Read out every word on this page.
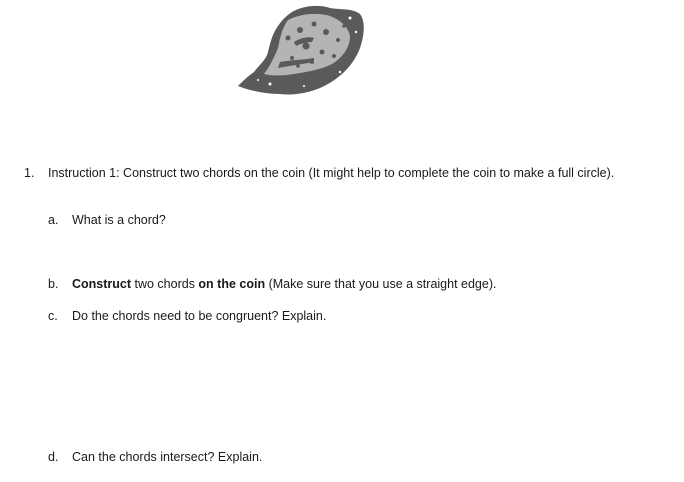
1. Instruction 1: Construct two chords on the coin (It might help to complete the coin to make a full circle).
a. What is a chord?
b. Construct two chords on the coin (Make sure that you use a straight edge).
c. Do the chords need to be congruent? Explain.
d. Can the chords intersect? Explain.
